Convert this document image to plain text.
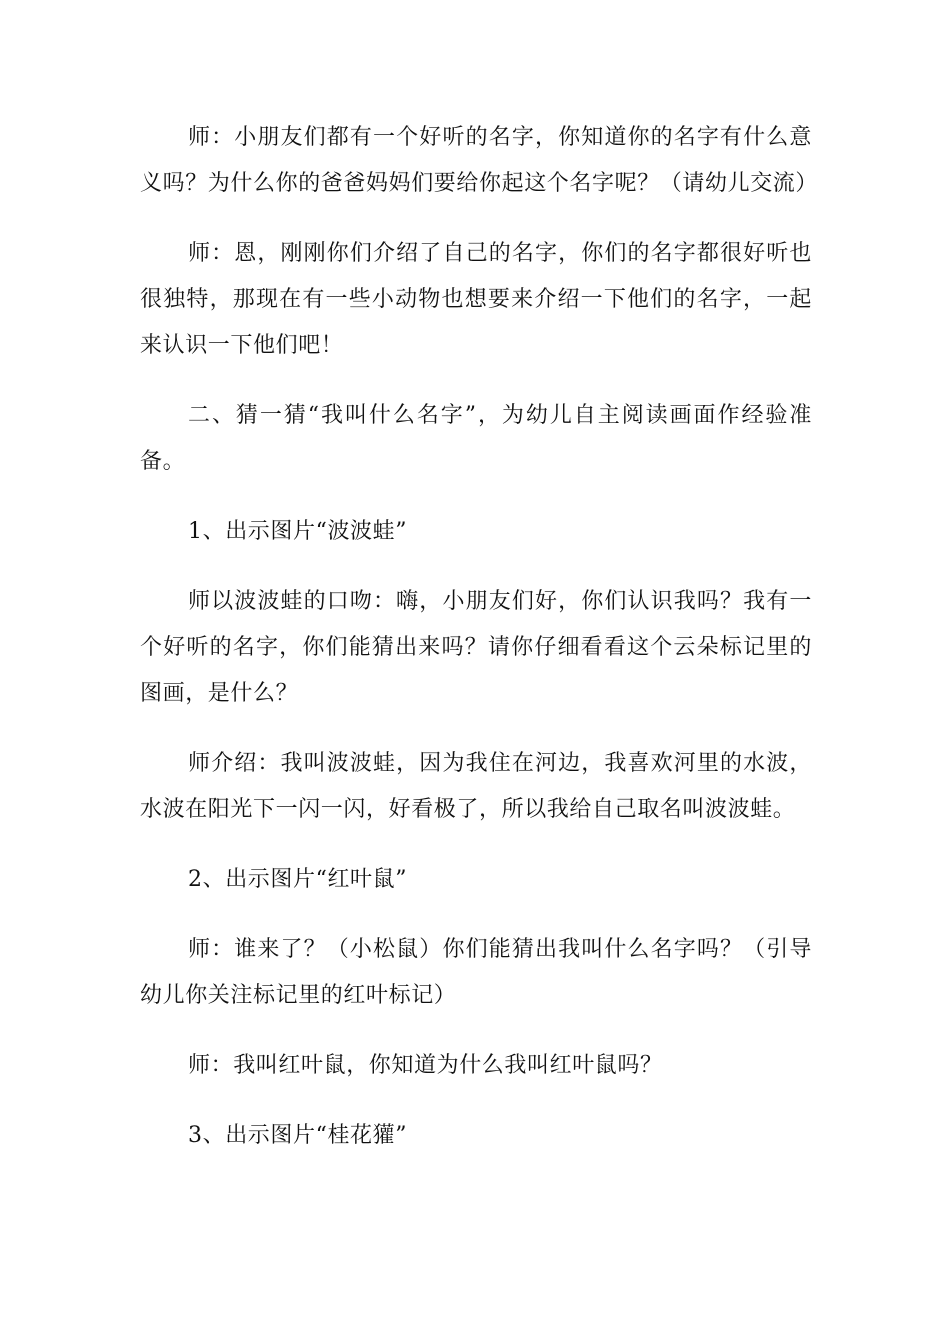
师：小朋友们都有一个好听的名字，你知道你的名字有什么意义吗？为什么你的爸爸妈妈们要给你起这个名字呢？（请幼儿交流）

师：恩，刚刚你们介绍了自己的名字，你们的名字都很好听也很独特，那现在有一些小动物也想要来介绍一下他们的名字，一起来认识一下他们吧！

二、猜一猜“我叫什么名字”，为幼儿自主阅读画面作经验准备。

1、出示图片“波波蛙”

师以波波蛙的口吻：嗨，小朋友们好，你们认识我吗？我有一个好听的名字，你们能猜出来吗？请你仔细看看这个云朵标记里的图画，是什么？

师介绍：我叫波波蛙，因为我住在河边，我喜欢河里的水波，水波在阳光下一闪一闪，好看极了，所以我给自己取名叫波波蛙。

2、出示图片“红叶鼠”

师：谁来了？（小松鼠）你们能猜出我叫什么名字吗？（引导幼儿你关注标记里的红叶标记）

师：我叫红叶鼠，你知道为什么我叫红叶鼠吗？

3、出示图片“桂花獾”
